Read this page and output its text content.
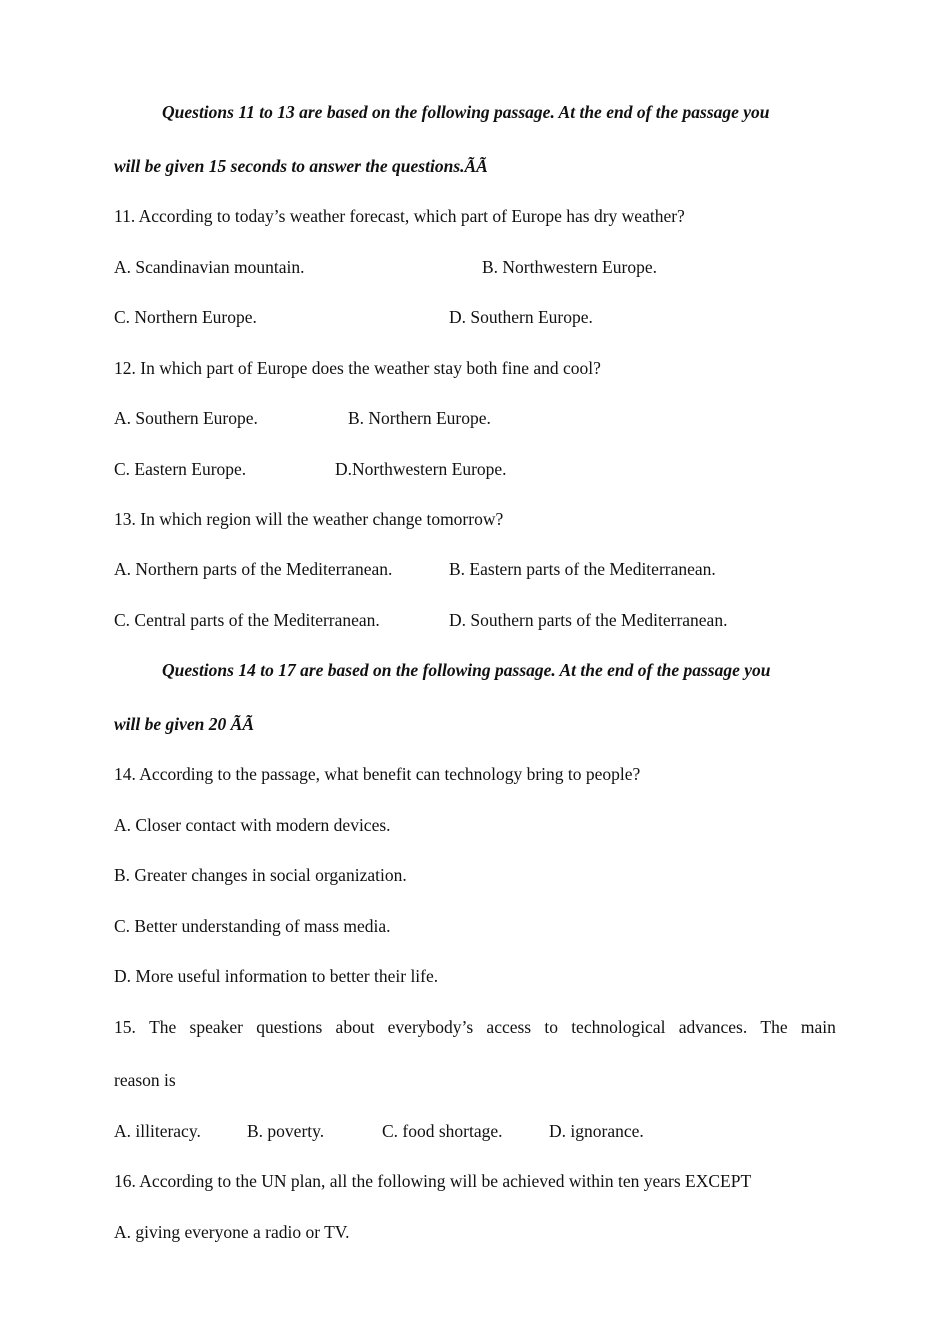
Questions 11 to 13 are based on the following passage. At the end of the passage you
will be given 15 seconds to answer the questions.ÃÃ
11. According to today’s weather forecast, which part of Europe has dry weather?
A. Scandinavian mountain.	B. Northwestern Europe.
C. Northern Europe.	D. Southern Europe.
12. In which part of Europe does the weather stay both fine and cool?
A. Southern Europe.	B. Northern Europe.
C. Eastern Europe.	D.Northwestern Europe.
13. In which region will the weather change tomorrow?
A. Northern parts of the Mediterranean.	B. Eastern parts of the Mediterranean.
C. Central parts of the Mediterranean.	D. Southern parts of the Mediterranean.
Questions 14 to 17 are based on the following passage. At the end of the passage you
will be given 20 ÃÃ
14. According to the passage, what benefit can technology bring to people?
A. Closer contact with modern devices.
B. Greater changes in social organization.
C. Better understanding of mass media.
D. More useful information to better their life.
15. The speaker questions about everybody’s access to technological advances. The main
reason is
A. illiteracy.	B. poverty.	C. food shortage.	D. ignorance.
16. According to the UN plan, all the following will be achieved within ten years EXCEPT
A. giving everyone a radio or TV.
